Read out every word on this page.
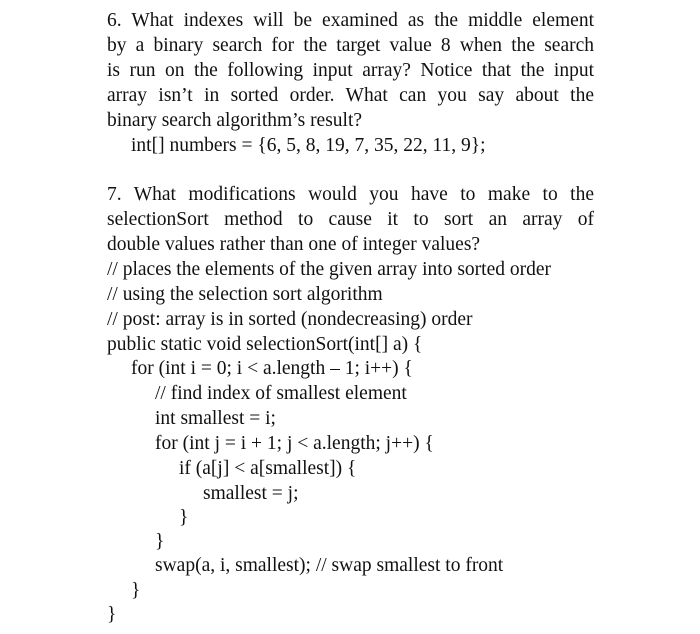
6. What indexes will be examined as the middle element
by a binary search for the target value 8 when the search
is run on the following input array? Notice that the input
array isn’t in sorted order. What can you say about the
binary search algorithm’s result?
int[] numbers = {6, 5, 8, 19, 7, 35, 22, 11, 9};
7. What modifications would you have to make to the
selectionSort method to cause it to sort an array of
double values rather than one of integer values?
// places the elements of the given array into sorted order
// using the selection sort algorithm
// post: array is in sorted (nondecreasing) order
public static void selectionSort(int[] a) {
for (int i = 0; i < a.length – 1; i++) {
// find index of smallest element
int smallest = i;
for (int j = i + 1; j < a.length; j++) {
if (a[j] < a[smallest]) {
smallest = j;
}
}
swap(a, i, smallest); // swap smallest to front
}
}
